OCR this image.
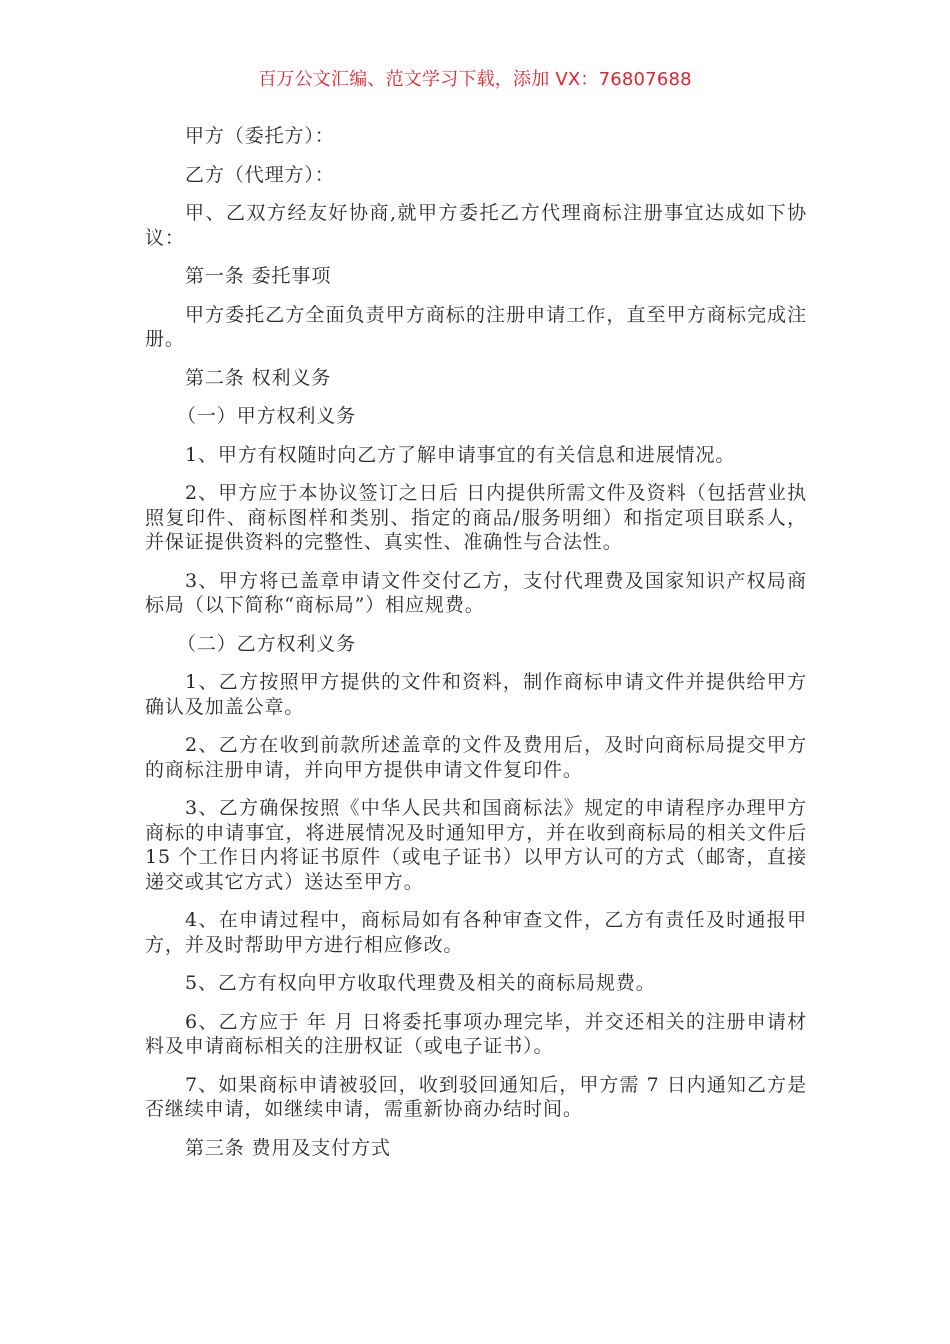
百万公文汇编、范文学习下载，添加 VX：76807688

甲方（委托方）：

乙方（代理方）：

甲、乙双方经友好协商,就甲方委托乙方代理商标注册事宜达成如下协议：

第一条 委托事项

甲方委托乙方全面负责甲方商标的注册申请工作，直至甲方商标完成注册。

第二条 权利义务

（一）甲方权利义务

1、甲方有权随时向乙方了解申请事宜的有关信息和进展情况。

2、甲方应于本协议签订之日后 日内提供所需文件及资料（包括营业执照复印件、商标图样和类别、指定的商品/服务明细）和指定项目联系人，并保证提供资料的完整性、真实性、准确性与合法性。

3、甲方将已盖章申请文件交付乙方，支付代理费及国家知识产权局商标局（以下简称“商标局”）相应规费。

（二）乙方权利义务

1、乙方按照甲方提供的文件和资料，制作商标申请文件并提供给甲方确认及加盖公章。

2、乙方在收到前款所述盖章的文件及费用后，及时向商标局提交甲方的商标注册申请，并向甲方提供申请文件复印件。

3、乙方确保按照《中华人民共和国商标法》规定的申请程序办理甲方商标的申请事宜，将进展情况及时通知甲方，并在收到商标局的相关文件后 15 个工作日内将证书原件（或电子证书）以甲方认可的方式（邮寄，直接递交或其它方式）送达至甲方。

4、在申请过程中，商标局如有各种审查文件，乙方有责任及时通报甲方，并及时帮助甲方进行相应修改。

5、乙方有权向甲方收取代理费及相关的商标局规费。

6、乙方应于 年 月 日将委托事项办理完毕，并交还相关的注册申请材料及申请商标相关的注册权证（或电子证书）。

7、如果商标申请被驳回，收到驳回通知后，甲方需 7 日内通知乙方是否继续申请，如继续申请，需重新协商办结时间。

第三条 费用及支付方式
